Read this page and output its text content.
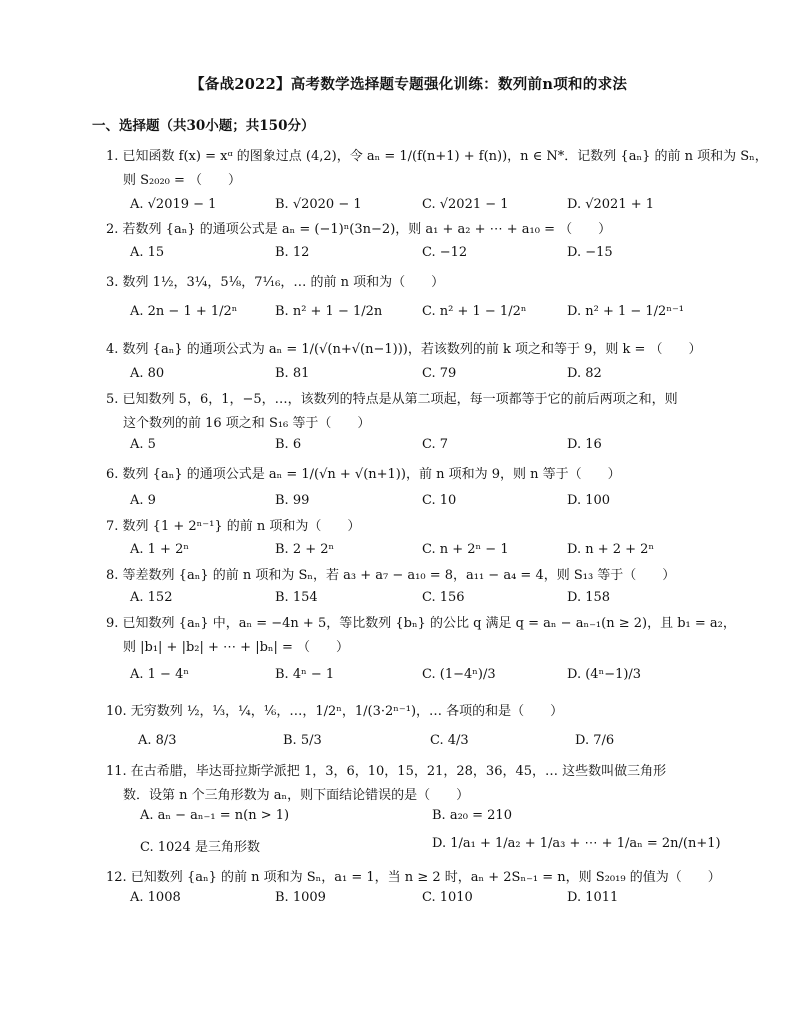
【备战2022】高考数学选择题专题强化训练：数列前n项和的求法
一、选择题（共30小题；共150分）
1. 已知函数 f(x) = xᵅ 的图象过点 (4,2)，令 aₙ = 1/(f(n+1) + f(n))，n ∈ N*．记数列 {aₙ} 的前 n 项和为 Sₙ，
则 S₂₀₂₀ = （　　）
A. √2019 − 1	B. √2020 − 1	C. √2021 − 1	D. √2021 + 1
2. 若数列 {aₙ} 的通项公式是 aₙ = (−1)ⁿ(3n−2)，则 a₁ + a₂ + ⋯ + a₁₀ = （　　）
A. 15	B. 12	C. −12	D. −15
3. 数列 1½，3¼，5⅛，7¹⁄₁₆，… 的前 n 项和为（　　）
A. 2n − 1 + 1/2ⁿ	B. n² + 1 − 1/2n	C. n² + 1 − 1/2ⁿ	D. n² + 1 − 1/2ⁿ⁻¹
4. 数列 {aₙ} 的通项公式为 aₙ = 1/(√(n+√(n−1)))，若该数列的前 k 项之和等于 9，则 k = （　　）
A. 80	B. 81	C. 79	D. 82
5. 已知数列 5，6，1，−5，…，该数列的特点是从第二项起，每一项都等于它的前后两项之和，则
这个数列的前 16 项之和 S₁₆ 等于（　　）
A. 5	B. 6	C. 7	D. 16
6. 数列 {aₙ} 的通项公式是 aₙ = 1/(√n + √(n+1))，前 n 项和为 9，则 n 等于（　　）
A. 9	B. 99	C. 10	D. 100
7. 数列 {1 + 2ⁿ⁻¹} 的前 n 项和为（　　）
A. 1 + 2ⁿ	B. 2 + 2ⁿ	C. n + 2ⁿ − 1	D. n + 2 + 2ⁿ
8. 等差数列 {aₙ} 的前 n 项和为 Sₙ，若 a₃ + a₇ − a₁₀ = 8，a₁₁ − a₄ = 4，则 S₁₃ 等于（　　）
A. 152	B. 154	C. 156	D. 158
9. 已知数列 {aₙ} 中，aₙ = −4n + 5，等比数列 {bₙ} 的公比 q 满足 q = aₙ − aₙ₋₁(n ≥ 2)，且 b₁ = a₂，
则 |b₁| + |b₂| + ⋯ + |bₙ| = （　　）
A. 1 − 4ⁿ	B. 4ⁿ − 1	C. (1−4ⁿ)/3	D. (4ⁿ−1)/3
10. 无穷数列 ½，⅓，¼，⅙，…，1/2ⁿ，1/(3·2ⁿ⁻¹)，… 各项的和是（　　）
A. 8/3	B. 5/3	C. 4/3	D. 7/6
11. 在古希腊，毕达哥拉斯学派把 1，3，6，10，15，21，28，36，45，… 这些数叫做三角形
数．设第 n 个三角形数为 aₙ，则下面结论错误的是（　　）
A. aₙ − aₙ₋₁ = n(n > 1)	B. a₂₀ = 210
C. 1024 是三角形数	D. 1/a₁ + 1/a₂ + 1/a₃ + ⋯ + 1/aₙ = 2n/(n+1)
12. 已知数列 {aₙ} 的前 n 项和为 Sₙ，a₁ = 1，当 n ≥ 2 时，aₙ + 2Sₙ₋₁ = n，则 S₂₀₁₉ 的值为（　　）
A. 1008	B. 1009	C. 1010	D. 1011
